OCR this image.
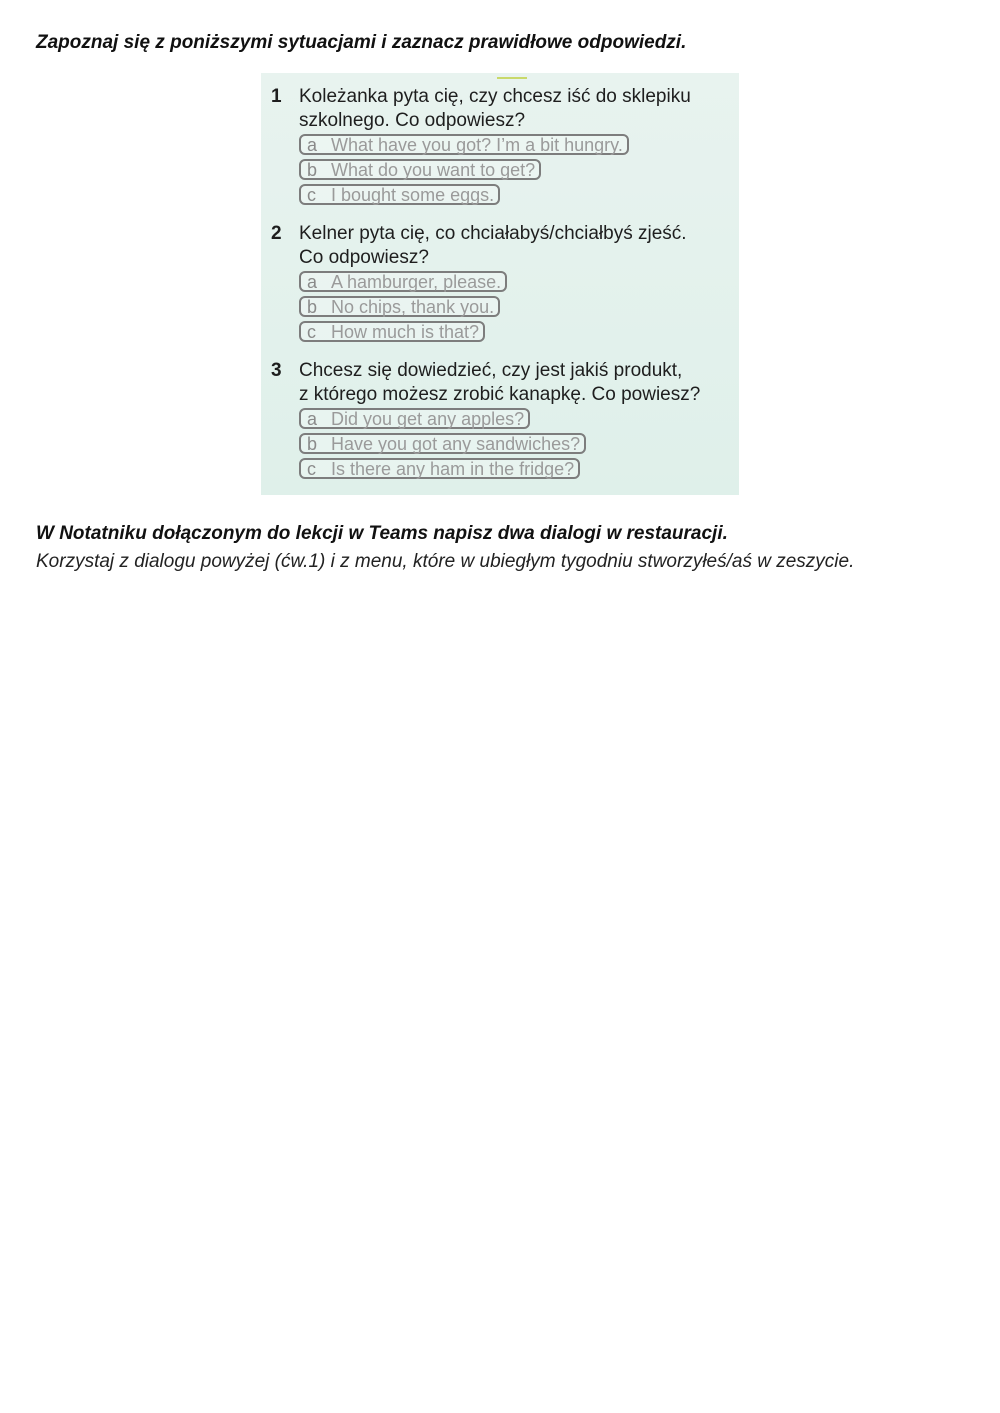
Zapoznaj się z poniższymi sytuacjami i zaznacz prawidłowe odpowiedzi.

1 Koleżanka pyta cię, czy chcesz iść do sklepiku
szkolnego. Co odpowiesz?
a What have you got? I’m a bit hungry.
b What do you want to get?
c I bought some eggs.
2 Kelner pyta cię, co chciałabyś/chciałbyś zjeść.
Co odpowiesz?
a A hamburger, please.
b No chips, thank you.
c How much is that?
3 Chcesz się dowiedzieć, czy jest jakiś produkt,
z którego możesz zrobić kanapkę. Co powiesz?
a Did you get any apples?
b Have you got any sandwiches?
c Is there any ham in the fridge?

W Notatniku dołączonym do lekcji w Teams napisz dwa dialogi w restauracji.

Korzystaj z dialogu powyżej (ćw.1) i z menu, które w ubiegłym tygodniu stworzyłeś/aś w zeszycie.
